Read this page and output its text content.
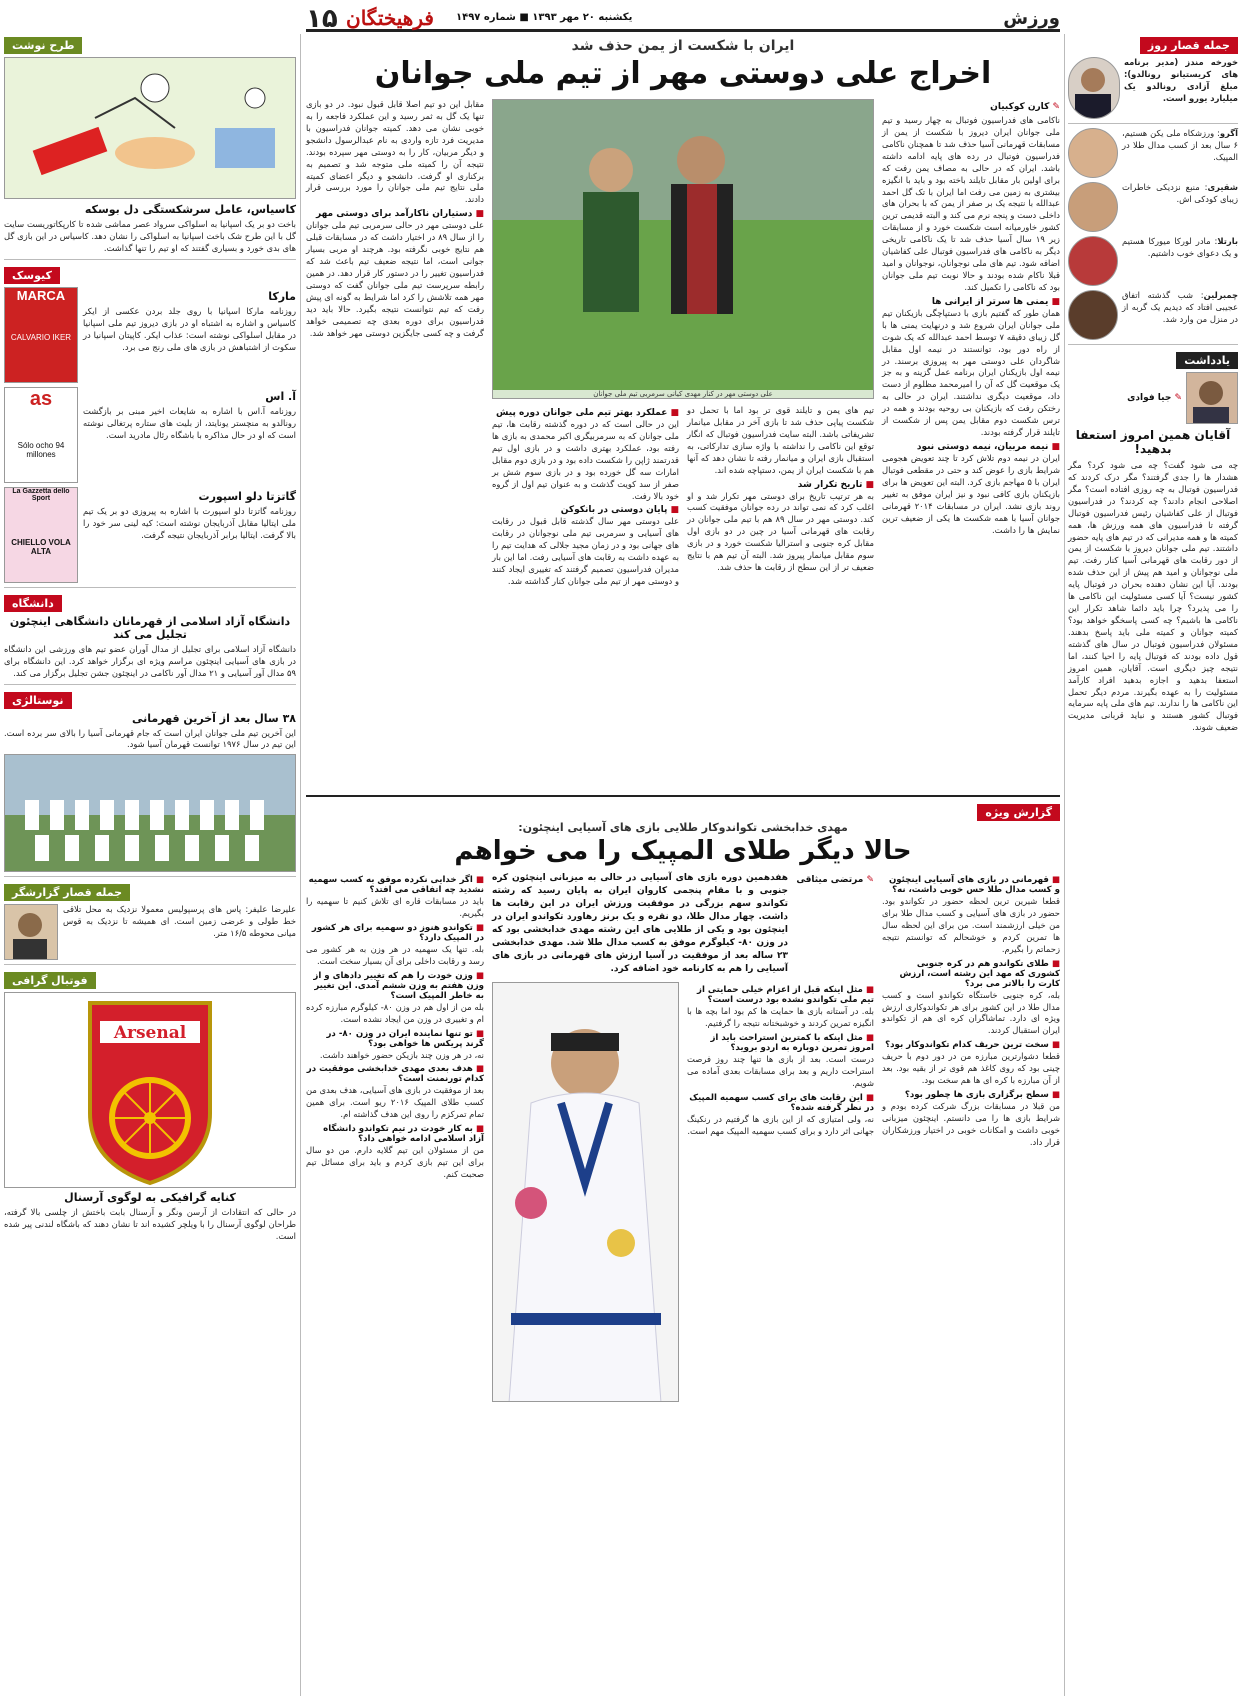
۱۵ فرهیختگان یکشنبه ۲۰ مهر ۱۳۹۳ ■ شماره ۱۴۹۷	ورزش
طرح نوشت
کاسیاس، عامل سرشکستگی دل بوسکه
باخت دو بر یک اسپانیا به اسلواکی سرواد عصر مماشی شده تا کارپکاتوریست سایت گل با این طرح شک باخت اسپانیا به اسلواکی را نشان دهد. کاسیاس در این بازی گل های بدی خورد و بسیاری گفتند که او تیم را تنها گذاشت.
کیوسک
مارکا
روزنامه مارکا اسپانیا با روی جلد بردن عکسی از ایکر کاسیاس و اشاره به اشتباه او در بازی دیروز تیم ملی اسپانیا در مقابل اسلواکی نوشته است: عذاب ایکر. کاپیتان اسپانیا در سکوت از اشتباهش در بازی های ملی رنج می برد.
MARCA
CALVARIO IKER
آ. اس
روزنامه آ.اس با اشاره به شایعات اخیر مبنی بر بازگشت رونالدو به منچستر یونایتد، از بلیت های ستاره پرتغالی نوشته است که او در حال مذاکره با باشگاه رئال مادرید است.
as
Sólo ocho 94 millones
گاتزتا دلو اسپورت
روزنامه گاتزتا دلو اسپورت با اشاره به پیروزی دو بر یک تیم ملی ایتالیا مقابل آذربایجان نوشته است: کیه لینی سر خود را بالا گرفت. ایتالیا برابر آذربایجان نتیجه گرفت.
La Gazzetta dello Sport
CHIELLO VOLA ALTA
دانشگاه
دانشگاه آزاد اسلامی از قهرمانان دانشگاهی اینچئون تجلیل می کند
دانشگاه آزاد اسلامی برای تجلیل از مدال آوران عضو تیم های ورزشی این دانشگاه در بازی های آسیایی اینچئون مراسم ویژه ای برگزار خواهد کرد. این دانشگاه برای ۵۹ مدال آور آسیایی و ۲۱ مدال آور ناکامی در اینچئون جشن تجلیل برگزار می کند.
نوستالژی
۳۸ سال بعد از آخرین قهرمانی
این آخرین تیم ملی جوانان ایران است که جام قهرمانی آسیا را بالای سر برده است. این تیم در سال ۱۹۷۶ توانست قهرمان آسیا شود.
جمله قصار گزارشگر
علیرضا علیفر: پاس های پرسپولیس معمولا نزدیک به محل تلاقی خط طولی و عرضی زمین است. ای همیشه تا نزدیک به قوس میانی محوطه ۱۶/۵ متر.
فوتبال گرافی
Arsenal
کنایه گرافیکی به لوگوی آرسنال
در حالی که انتقادات از آرسن ونگر و آرسنال بابت باختش از چلسی بالا گرفته، طراحان لوگوی آرسنال را با ویلچر کشیده اند تا نشان دهند که باشگاه لندنی پیر شده است.
ایران با شکست از یمن حذف شد
اخراج علی دوستی مهر از تیم ملی جوانان
✎ کارن کوکبیان
ناکامی های فدراسیون فوتبال به چهار رسید و تیم ملی جوانان ایران دیروز با شکست از یمن از مسابقات قهرمانی آسیا حذف شد تا همچنان ناکامی فدراسیون فوتبال در رده های پایه ادامه داشته باشد. ایران که در حالی به مصاف یمن رفت که برای اولین بار مقابل تایلند باخته بود و باید با انگیزه بیشتری به زمین می رفت اما ایران با تک گل احمد عبدالله با نتیجه یک بر صفر از یمن که با بحران های داخلی دست و پنجه نرم می کند و البته قدیمی ترین کشور خاورمیانه است شکست خورد و از مسابقات زیر ۱۹ سال آسیا حذف شد تا یک ناکامی تاریخی دیگر به ناکامی های فدراسیون فوتبال علی کفاشیان اضافه شود. تیم های ملی نوجوانان، نوجوانان و امید قبلا ناکام شده بودند و حالا نوبت تیم ملی جوانان بود که ناکامی را تکمیل کند.
■ یمنی ها سرتر از ایرانی ها
همان طور که گفتیم بازی با دستپاچگی بازیکنان تیم ملی جوانان ایران شروع شد و درنهایت یمنی ها با گل زیبای دقیقه ۷ توسط احمد عبدالله که یک شوت از راه دور بود، توانستند در نیمه اول مقابل شاگردان علی دوستی مهر به پیروزی برسند. در نیمه اول بازیکنان ایران برنامه عمل گزینه و به جز یک موقعیت گل که آن را امیرمحمد مظلوم از دست داد، موقعیت دیگری نداشتند. ایران در حالی به رختکن رفت که بازیکنان بی روحیه بودند و همه در ترس شکست دوم مقابل یمن پس از شکست از تایلند قرار گرفته بودند.
■ نیمه مربیان، نیمه دوستی نبود
ایران در نیمه دوم تلاش کرد تا چند تعویض هجومی شرایط بازی را عوض کند و حتی در مقطعی فوتبال ایران با ۵ مهاجم بازی کرد. البته این تعویض ها برای بازیکنان بازی کافی نبود و نیز ایران موفق به تغییر روند بازی نشد. ایران در مسابقات ۲۰۱۴ قهرمانی جوانان آسیا با همه شکست ها یکی از ضعیف ترین نمایش ها را داشت.
علی دوستی مهر در کنار مهدی کیانی سرمربی تیم ملی جوانان
تیم های یمن و تایلند قوی تر بود اما با تحمل دو شکست پیاپی حذف شد تا بازی آخر در مقابل میانمار تشریفاتی باشد. البته سایت فدراسیون فوتبال که انگار توقع این ناکامی را نداشته با واژه سازی تدارکاتی، به استقبال بازی ایران و میانمار رفته تا نشان دهد که آنها هم با شکست ایران از یمن، دستپاچه شده اند.
■ تاریخ تکرار شد
به هر ترتیب تاریخ برای دوستی مهر تکرار شد و او اغلب کرد که نمی تواند در رده جوانان موفقیت کسب کند. دوستی مهر در سال ۸۹ هم با تیم ملی جوانان در رقابت های قهرمانی آسیا در چین در دو بازی اول مقابل کره جنوبی و استرالیا شکست خورد و در بازی سوم مقابل میانمار پیروز شد. البته آن تیم هم با نتایج ضعیف تر از این سطح از رقابت ها حذف شد.
■ عملکرد بهتر تیم ملی جوانان دوره پیش
این در حالی است که در دوره گذشته رقابت ها، تیم ملی جوانان که به سرمربیگری اکبر محمدی به بازی ها رفته بود، عملکرد بهتری داشت و در بازی اول تیم قدرتمند ژاپن را شکست داده بود و در بازی دوم مقابل امارات سه گل خورده بود و در بازی سوم شش بر صفر از سد کویت گذشت و به عنوان تیم اول از گروه خود بالا رفت.
■ پایان دوستی در بانکوکن
علی دوستی مهر سال گذشته قابل قبول در رقابت های آسیایی و سرمربی تیم ملی نوجوانان در رقابت های جهانی بود و در زمان مجید جلالی که هدایت تیم را به عهده داشت به رقابت های آسیایی رفت. اما این بار مدیران فدراسیون تصمیم گرفتند که تغییری ایجاد کنند و دوستی مهر از تیم ملی جوانان کنار گذاشته شد.
مقابل این دو تیم اصلا قابل قبول نبود. در دو بازی تنها یک گل به ثمر رسید و این عملکرد فاجعه را به خوبی نشان می دهد. کمیته جوانان فدراسیون با مدیریت فرد تازه واردی به نام عبدالرسول دانشجو و دیگر مربیان، کار را به دوستی مهر سپرده بودند. نتیجه آن را کمیته ملی متوجه شد و تصمیم به برکناری او گرفت. دانشجو و دیگر اعضای کمیته ملی نتایج تیم ملی جوانان را مورد بررسی قرار دادند.
■ دستیاران ناکارآمد برای دوستی مهر
علی دوستی مهر در حالی سرمربی تیم ملی جوانان را از سال ۸۹ در اختیار داشت که در مسابقات قبلی هم نتایج خوبی نگرفته بود. هرچند او مربی بسیار جوانی است، اما نتیجه ضعیف تیم باعث شد که فدراسیون تغییر را در دستور کار قرار دهد. در همین رابطه سرپرست تیم ملی جوانان گفت که دوستی مهر همه تلاشش را کرد اما شرایط به گونه ای پیش رفت که تیم نتوانست نتیجه بگیرد. حالا باید دید فدراسیون برای دوره بعدی چه تصمیمی خواهد گرفت و چه کسی جایگزین دوستی مهر خواهد شد.
گزارش ویژه
مهدی خدابخشی تکواندوکار طلایی بازی های آسیایی اینچئون:
حالا دیگر طلای المپیک را می خواهم
■ قهرمانی در بازی های آسیایی اینچئون و کسب مدال طلا حس خوبی داشت، نه؟
قطعا شیرین ترین لحظه حضور در تکواندو بود. حضور در بازی های آسیایی و کسب مدال طلا برای من خیلی ارزشمند است. من برای این لحظه سال ها تمرین کردم و خوشحالم که توانستم نتیجه زحماتم را بگیرم.
■ طلای تکواندو هم در کره جنوبی کشوری که مهد این رشته است، ارزش کارت را بالاتر می برد؟
بله، کره جنوبی خاستگاه تکواندو است و کسب مدال طلا در این کشور برای هر تکواندوکاری ارزش ویژه ای دارد. تماشاگران کره ای هم از تکواندو ایران استقبال کردند.
■ سخت ترین حریف کدام تکواندوکار بود؟
قطعا دشوارترین مبارزه من در دور دوم با حریف چینی بود که روی کاغذ هم قوی تر از بقیه بود. بعد از آن مبارزه با کره ای ها هم سخت بود.
■ سطح برگزاری بازی ها چطور بود؟
من قبلا در مسابقات بزرگ شرکت کرده بودم و شرایط بازی ها را می دانستم. اینچئون میزبانی خوبی داشت و امکانات خوبی در اختیار ورزشکاران قرار داد.
✎ مرتضی میثاقی
هفدهمین دوره بازی های آسیایی در حالی به میزبانی اینچئون کره جنوبی و با مقام پنجمی کاروان ایران به پایان رسید که رشته تکواندو سهم بزرگی در موفقیت ورزش ایران در این رقابت ها داشت. چهار مدال طلا، دو نقره و یک برنز رهاورد تکواندو ایران در اینچئون بود و یکی از طلایی های این رشته مهدی خدابخشی بود که در وزن ۸۰- کیلوگرم موفق به کسب مدال طلا شد. مهدی خدابخشی ۲۳ ساله بعد از موفقیت در آسیا ارزش های قهرمانی در بازی های آسیایی را هم به کارنامه خود اضافه کرد.
■ مثل اینکه قبل از اعزام خیلی حمایتی از تیم ملی تکواندو نشده بود درست است؟
بله. در آستانه بازی ها حمایت ها کم بود اما بچه ها با انگیزه تمرین کردند و خوشبختانه نتیجه را گرفتیم.
■ مثل اینکه با کمترین استراحت باید از امروز تمرین دوباره به اردو بروید؟
درست است. بعد از بازی ها تنها چند روز فرصت استراحت داریم و بعد برای مسابقات بعدی آماده می شویم.
■ این رقابت های برای کسب سهمیه المپیک در نظر گرفته شده؟
نه، ولی امتیازی که از این بازی ها گرفتیم در رنکینگ جهانی اثر دارد و برای کسب سهمیه المپیک مهم است.
■ اگر خدایی نکرده موفق به کسب سهمیه نشدید چه اتفاقی می افتد؟
باید در مسابقات قاره ای تلاش کنیم تا سهمیه را بگیریم.
■ تکواندو هنوز دو سهمیه برای هر کشور در المپیک دارد؟
بله. تنها یک سهمیه در هر وزن به هر کشور می رسد و رقابت داخلی برای آن بسیار سخت است.
■ وزن خودت را هم که تغییر دادهای و از وزن هفتم به وزن ششم آمدی. این تغییر به خاطر المپیک است؟
بله من از اول هم در وزن ۸۰- کیلوگرم مبارزه کرده ام و تغییری در وزن من ایجاد نشده است.
■ تو تنها نماینده ایران در وزن ۸۰- در گرند پریکس ها خواهی بود؟
نه، در هر وزن چند بازیکن حضور خواهند داشت.
■ هدف بعدی مهدی خدابخشی موفقیت در کدام تورنمنت است؟
بعد از موفقیت در بازی های آسیایی، هدف بعدی من کسب طلای المپیک ۲۰۱۶ ریو است. برای همین تمام تمرکزم را روی این هدف گذاشته ام.
■ به کار خودت در تیم تکواندو دانشگاه آزاد اسلامی ادامه خواهی داد؟
من از مسئولان این تیم گلایه دارم. من دو سال برای این تیم بازی کردم و باید برای مسائل تیم صحبت کنم.
جمله قصار روز
خورخه مندز (مدیر برنامه های کریستیانو رونالدو): مبلغ آزادی رونالدو یک میلیارد یورو است.
آگرو: ورزشکاه ملی یکن هستیم، ۶ سال بعد از کسب مدال طلا در المپیک.
شقیری: منبع نزدیکی خاطرات زیبای کودکی اش.
بارتلا: مادر لورکا میورکا هستیم و یک دعوای خوب داشتیم.
چمبرلین: شب گذشته اتفاق عجیبی افتاد که دیدیم یک گربه از در منزل من وارد شد.
یادداشت
✎ جیا فوادی
آقایان همین امروز استعفا بدهید!
چه می شود گفت؟ چه می شود کرد؟ مگر هشدار ها را جدی گرفتند؟ مگر درک کردند که فدراسیون فوتبال به چه روزی افتاده است؟ مگر اصلاحی انجام دادند؟ چه کردند؟ در فدراسیون فوتبال از علی کفاشیان رئیس فدراسیون فوتبال گرفته تا فدراسیون های همه ورزش ها، همه کمیته ها و همه مدیرانی که در تیم های پایه حضور داشتند. تیم ملی جوانان دیروز با شکست از یمن از دور رقابت های قهرمانی آسیا کنار رفت. تیم ملی نوجوانان و امید هم پیش از این حذف شده بودند. آیا این نشان دهنده بحران در فوتبال پایه کشور نیست؟ آیا کسی مسئولیت این ناکامی ها را می پذیرد؟ چرا باید دائما شاهد تکرار این ناکامی ها باشیم؟ چه کسی پاسخگو خواهد بود؟ کمیته جوانان و کمیته ملی باید پاسخ بدهند. مسئولان فدراسیون فوتبال در سال های گذشته قول داده بودند که فوتبال پایه را احیا کنند، اما نتیجه چیز دیگری است. آقایان، همین امروز استعفا بدهید و اجازه بدهید افراد کارآمد مسئولیت را به عهده بگیرند. مردم دیگر تحمل این ناکامی ها را ندارند. تیم های ملی پایه سرمایه فوتبال کشور هستند و نباید قربانی مدیریت ضعیف شوند.
